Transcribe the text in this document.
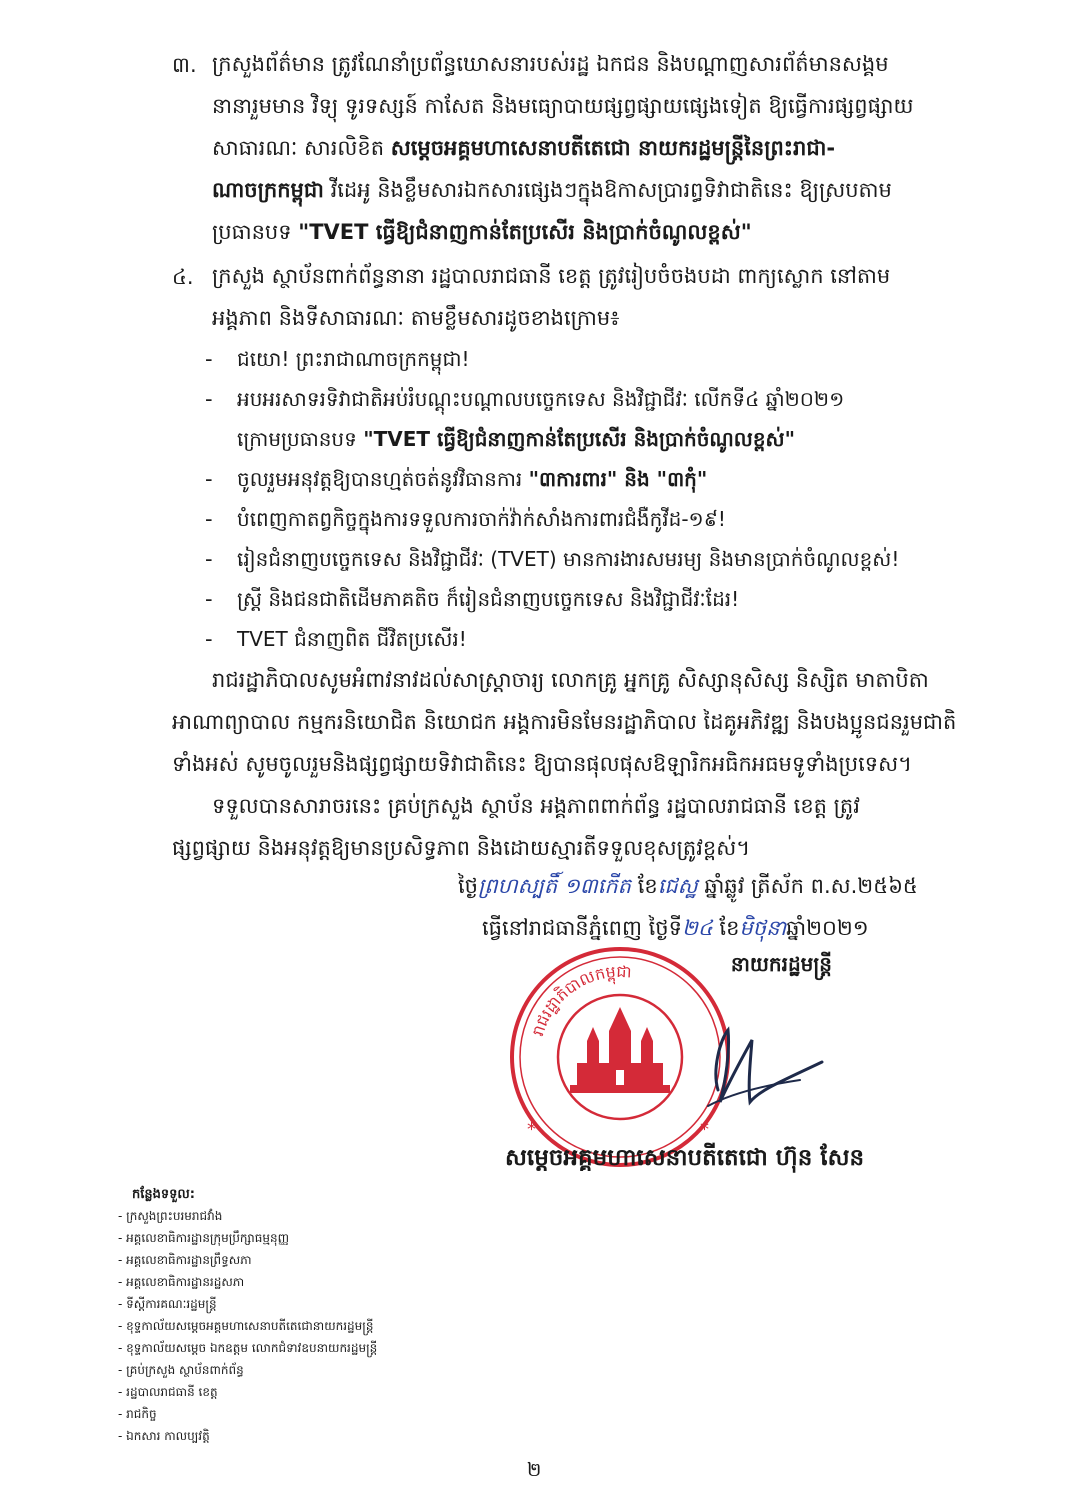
៣. ក្រសួងព័ត៌មាន ត្រូវណែនាំប្រព័ន្ធឃោសនារបស់រដ្ឋ ឯកជន និងបណ្តាញសារព័ត៌មានសង្គម
នានារួមមាន វិទ្យុ ទូរទស្សន៍ កាសែត និងមធ្យោបាយផ្សព្វផ្សាយផ្សេងទៀត ឱ្យធ្វើការផ្សព្វផ្សាយ
សាធារណៈ សារលិខិត សម្តេចអគ្គមហាសេនាបតីតេជោ នាយករដ្ឋមន្ត្រីនៃព្រះរាជា-
ណាចក្រកម្ពុជា វីដេអូ និងខ្លឹមសារឯកសារផ្សេងៗក្នុងឱកាសប្រារព្ធទិវាជាតិនេះ ឱ្យស្របតាម
ប្រធានបទ "TVET ធ្វើឱ្យជំនាញកាន់តែប្រសើរ និងប្រាក់ចំណូលខ្ពស់"
៤. ក្រសួង ស្ថាប័នពាក់ព័ន្ធនានា រដ្ឋបាលរាជធានី ខេត្ត ត្រូវរៀបចំចងបដា ពាក្យស្លោក នៅតាម
អង្គភាព និងទីសាធារណៈ តាមខ្លឹមសារដូចខាងក្រោម៖
- ជយោ! ព្រះរាជាណាចក្រកម្ពុជា!
- អបអរសាទរទិវាជាតិអប់រំបណ្តុះបណ្តាលបច្ចេកទេស និងវិជ្ជាជីវៈ លើកទី៤ ឆ្នាំ២០២១
ក្រោមប្រធានបទ "TVET ធ្វើឱ្យជំនាញកាន់តែប្រសើរ និងប្រាក់ចំណូលខ្ពស់"
- ចូលរួមអនុវត្តឱ្យបានហ្មត់ចត់នូវវិធានការ "៣ការពារ" និង "៣កុំ"
- បំពេញកាតព្វកិច្ចក្នុងការទទួលការចាក់វ៉ាក់សាំងការពារជំងឺកូវីដ-១៩!
- រៀនជំនាញបច្ចេកទេស និងវិជ្ជាជីវៈ (TVET) មានការងារសមរម្យ និងមានប្រាក់ចំណូលខ្ពស់!
- ស្ត្រី និងជនជាតិដើមភាគតិច ក៏រៀនជំនាញបច្ចេកទេស និងវិជ្ជាជីវៈដែរ!
- TVET ជំនាញពិត ជីវិតប្រសើរ!
រាជរដ្ឋាភិបាលសូមអំពាវនាវដល់សាស្ត្រាចារ្យ លោកគ្រូ អ្នកគ្រូ សិស្សានុសិស្ស និស្សិត មាតាបិតា
អាណាព្យាបាល កម្មករនិយោជិត និយោជក អង្គការមិនមែនរដ្ឋាភិបាល ដៃគូអភិវឌ្ឍ និងបងប្អូនជនរួមជាតិ
ទាំងអស់ សូមចូលរួមនិងផ្សព្វផ្សាយទិវាជាតិនេះ ឱ្យបានផុលផុសឱឡារិកអធិកអធមទូទាំងប្រទេស។
ទទួលបានសារាចរនេះ គ្រប់ក្រសួង ស្ថាប័ន អង្គភាពពាក់ព័ន្ធ រដ្ឋបាលរាជធានី ខេត្ត ត្រូវ
ផ្សព្វផ្សាយ និងអនុវត្តឱ្យមានប្រសិទ្ធភាព និងដោយស្មារតីទទួលខុសត្រូវខ្ពស់។
ថ្ងៃព្រហស្បតិ៍ ១៣កើត ខែជេស្ឋ ឆ្នាំឆ្លូវ ត្រីស័ក ព.ស.២៥៦៥
ធ្វើនៅរាជធានីភ្នំពេញ ថ្ងៃទី២៤ ខែមិថុនាឆ្នាំ២០២១
រាជរដ្ឋាភិបាលកម្ពុជា
*	*
នាយករដ្ឋមន្ត្រី
សម្តេចអគ្គមហាសេនាបតីតេជោ ហ៊ុន សែន
កន្លែងទទួល:
- ក្រសួងព្រះបរមរាជវាំង
- អគ្គលេខាធិការដ្ឋានក្រុមប្រឹក្សាធម្មនុញ្ញ
- អគ្គលេខាធិការដ្ឋានព្រឹទ្ធសភា
- អគ្គលេខាធិការដ្ឋានរដ្ឋសភា
- ទីស្តីការគណៈរដ្ឋមន្ត្រី
- ខុទ្ទកាល័យសម្តេចអគ្គមហាសេនាបតីតេជោនាយករដ្ឋមន្ត្រី
- ខុទ្ទកាល័យសម្តេច ឯកឧត្តម លោកជំទាវឧបនាយករដ្ឋមន្ត្រី
- គ្រប់ក្រសួង ស្ថាប័នពាក់ព័ន្ធ
- រដ្ឋបាលរាជធានី ខេត្ត
- រាជកិច្ច
- ឯកសារ កាលប្បវត្តិ
២
